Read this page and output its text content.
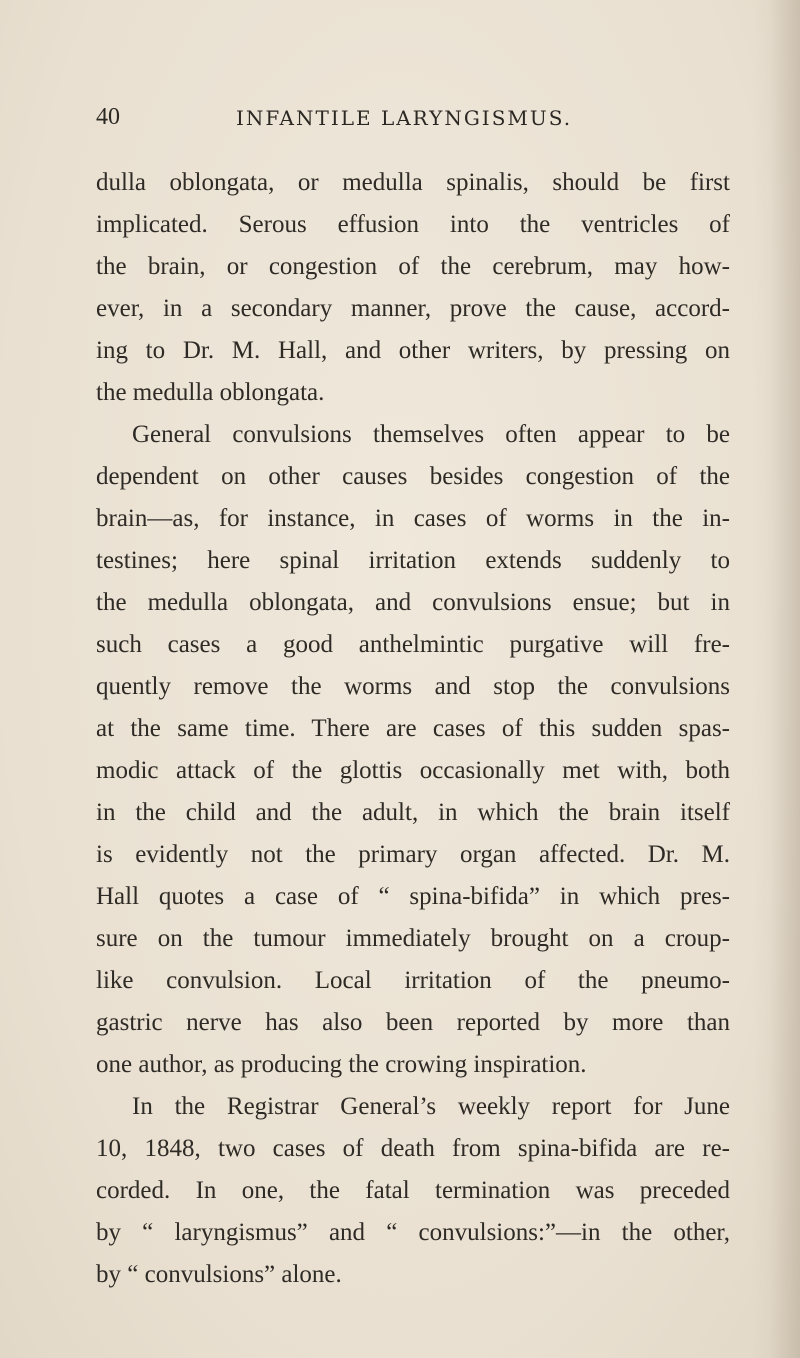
40	INFANTILE LARYNGISMUS.
dulla oblongata, or medulla spinalis, should be first
implicated. Serous effusion into the ventricles of
the brain, or congestion of the cerebrum, may how-
ever, in a secondary manner, prove the cause, accord-
ing to Dr. M. Hall, and other writers, by pressing on
the medulla oblongata.
General convulsions themselves often appear to be
dependent on other causes besides congestion of the
brain—as, for instance, in cases of worms in the in-
testines; here spinal irritation extends suddenly to
the medulla oblongata, and convulsions ensue; but in
such cases a good anthelmintic purgative will fre-
quently remove the worms and stop the convulsions
at the same time. There are cases of this sudden spas-
modic attack of the glottis occasionally met with, both
in the child and the adult, in which the brain itself
is evidently not the primary organ affected. Dr. M.
Hall quotes a case of “ spina-bifida” in which pres-
sure on the tumour immediately brought on a croup-
like convulsion. Local irritation of the pneumo-
gastric nerve has also been reported by more than
one author, as producing the crowing inspiration.
In the Registrar General’s weekly report for June
10, 1848, two cases of death from spina-bifida are re-
corded. In one, the fatal termination was preceded
by “ laryngismus” and “ convulsions:”—in the other,
by “ convulsions” alone.
